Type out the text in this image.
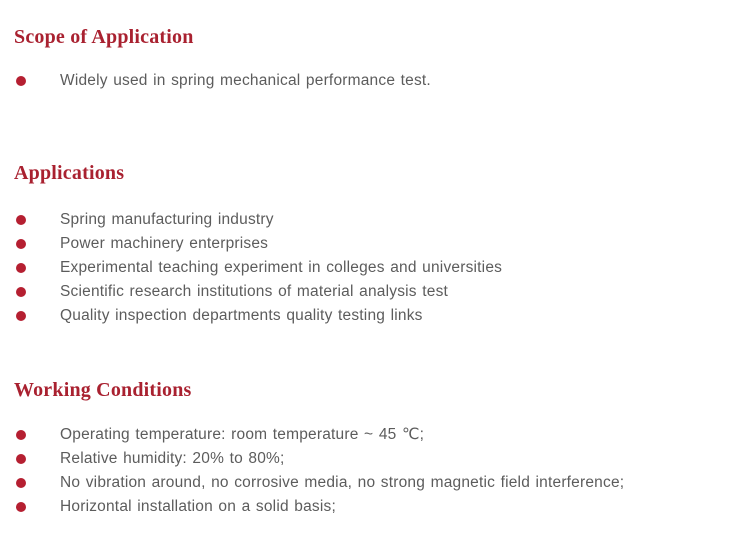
Scope of Application
Widely used in spring mechanical performance test.
Applications
Spring manufacturing industry
Power machinery enterprises
Experimental teaching experiment in colleges and universities
Scientific research institutions of material analysis test
Quality inspection departments quality testing links
Working Conditions
Operating temperature: room temperature ~ 45 ℃;
Relative humidity: 20% to 80%;
No vibration around, no corrosive media, no strong magnetic field interference;
Horizontal installation on a solid basis;
